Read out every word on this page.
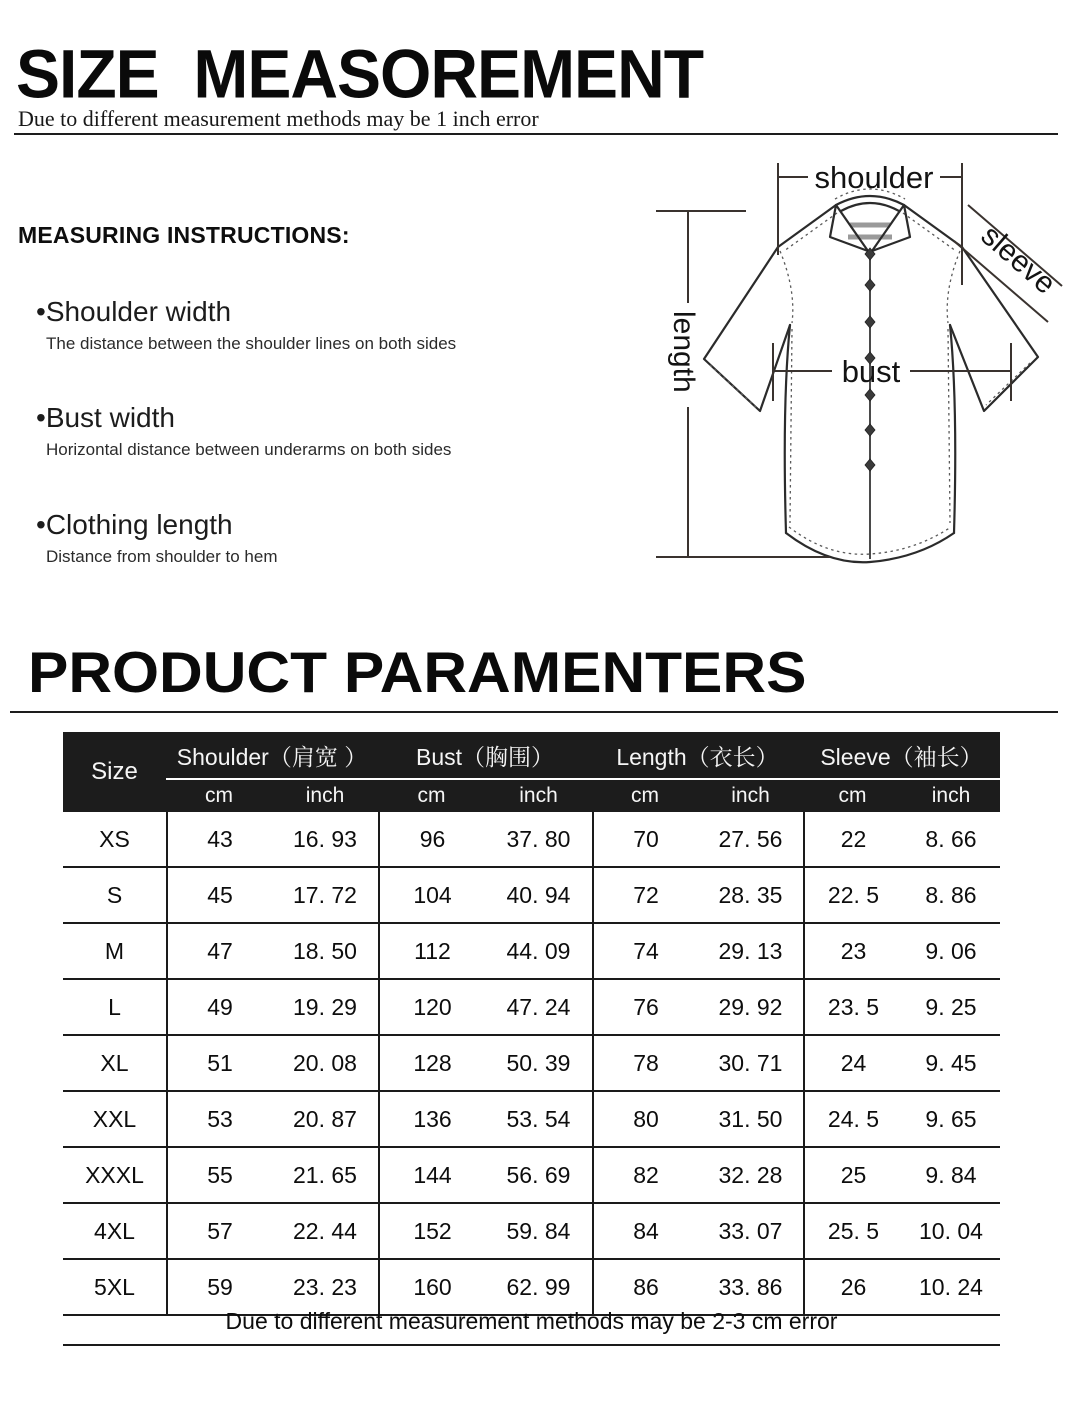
SIZE  MEASOREMENT
Due to different measurement methods may be 1 inch error
MEASURING INSTRUCTIONS:
•Shoulder width
The distance between the shoulder lines on both sides
•Bust width
Horizontal distance between underarms on both sides
•Clothing length
Distance from shoulder to hem
shoulder
length	bust
sleeve
PRODUCT PARAMENTERS
Size
Shoulder（肩宽 ）	Bust（胸围）	Length（衣长）	Sleeve（袖长）
cm	inch	cm	inch	cm	inch	cm	inch
XS	43	16. 93	96	37. 80	70	27. 56	22	8. 66
S	45	17. 72	104	40. 94	72	28. 35	22. 5	8. 86
M	47	18. 50	112	44. 09	74	29. 13	23	9. 06
L	49	19. 29	120	47. 24	76	29. 92	23. 5	9. 25
XL	51	20. 08	128	50. 39	78	30. 71	24	9. 45
XXL	53	20. 87	136	53. 54	80	31. 50	24. 5	9. 65
XXXL	55	21. 65	144	56. 69	82	32. 28	25	9. 84
4XL	57	22. 44	152	59. 84	84	33. 07	25. 5	10. 04
5XL	59	23. 23	160	62. 99	86	33. 86	26	10. 24
Due to different measurement methods may be 2-3 cm error
